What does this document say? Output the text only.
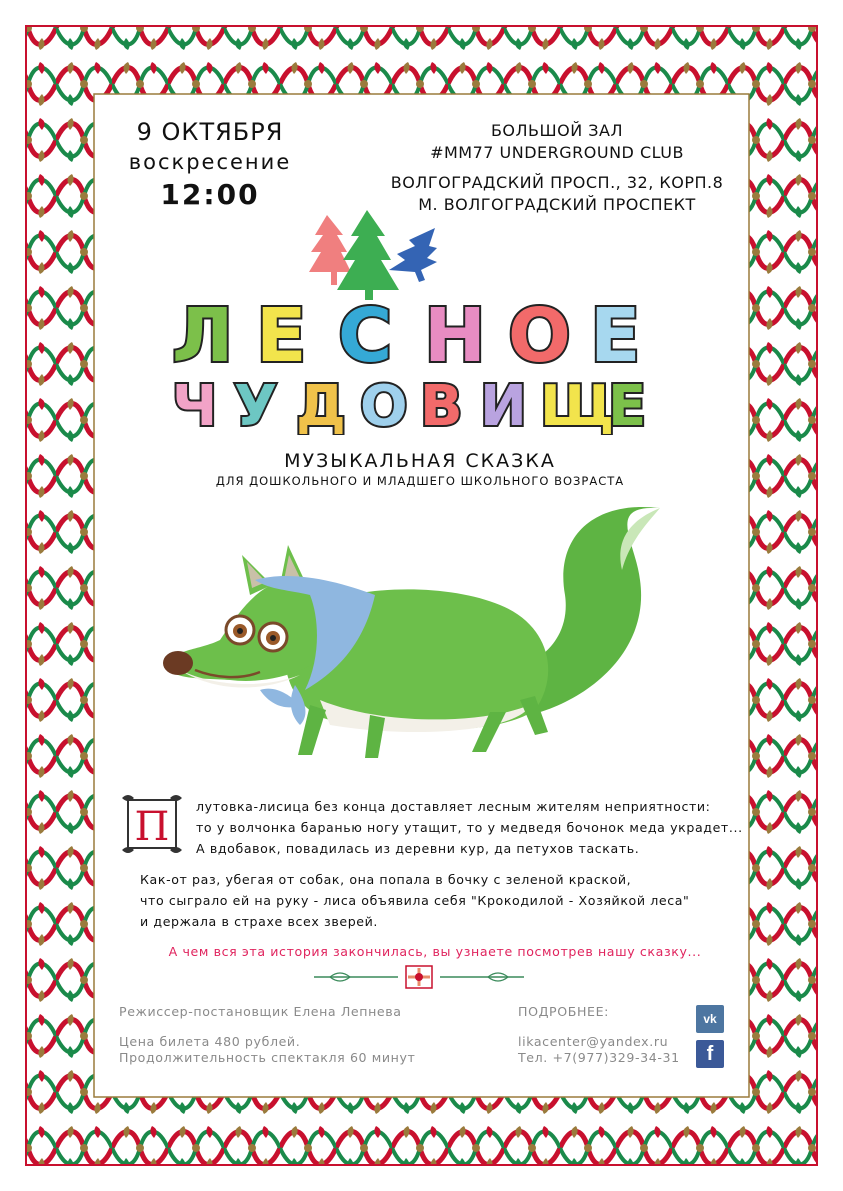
9 ОКТЯБРЯ
воскресение
12:00
БОЛЬШОЙ ЗАЛ
#MM77 UNDERGROUND CLUB
ВОЛГОГРАДСКИЙ ПРОСП., 32, КОРП.8
М. ВОЛГОГРАДСКИЙ ПРОСПЕКТ
Л Е С Н О Е
Ч У Д О В И Щ
Е
МУЗЫКАЛЬНАЯ СКАЗКА
ДЛЯ ДОШКОЛЬНОГО И МЛАДШЕГО ШКОЛЬНОГО ВОЗРАСТА
П лутовка-лисица без конца доставляет лесным жителям неприятности:
то у волчонка баранью ногу утащит, то у медведя бочонок меда украдет...
А вдобавок, повадилась из деревни кур, да петухов таскать.
Как-от раз, убегая от собак, она попала в бочку с зеленой краской,
что сыграло ей на руку - лиса объявила себя "Крокодилой - Хозяйкой леса"
и держала в страхе всех зверей.
А чем вся эта история закончилась, вы узнаете посмотрев нашу сказку...
Режиссер-постановщик Елена Лепнева
Цена билета 480 рублей.
Продолжительность спектакля 60 минут
ПОДРОБНЕЕ:
likacenter@yandex.ru
Тел. +7(977)329-34-31
vk
f
